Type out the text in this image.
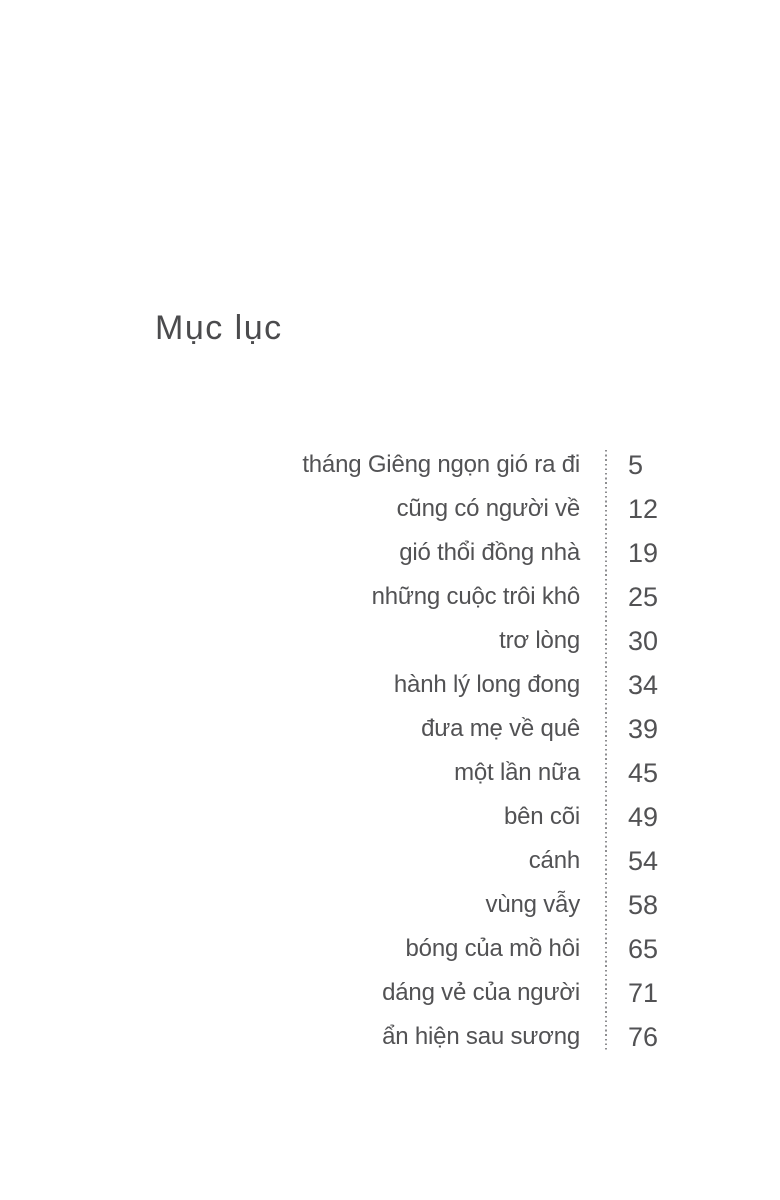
Mục lục
tháng Giêng ngọn gió ra đi	5
cũng có người về	12
gió thổi đồng nhà	19
những cuộc trôi khô	25
trơ lòng	30
hành lý long đong	34
đưa mẹ về quê	39
một lần nữa	45
bên cõi	49
cánh	54
vùng vẫy	58
bóng của mồ hôi	65
dáng vẻ của người	71
ẩn hiện sau sương	76
